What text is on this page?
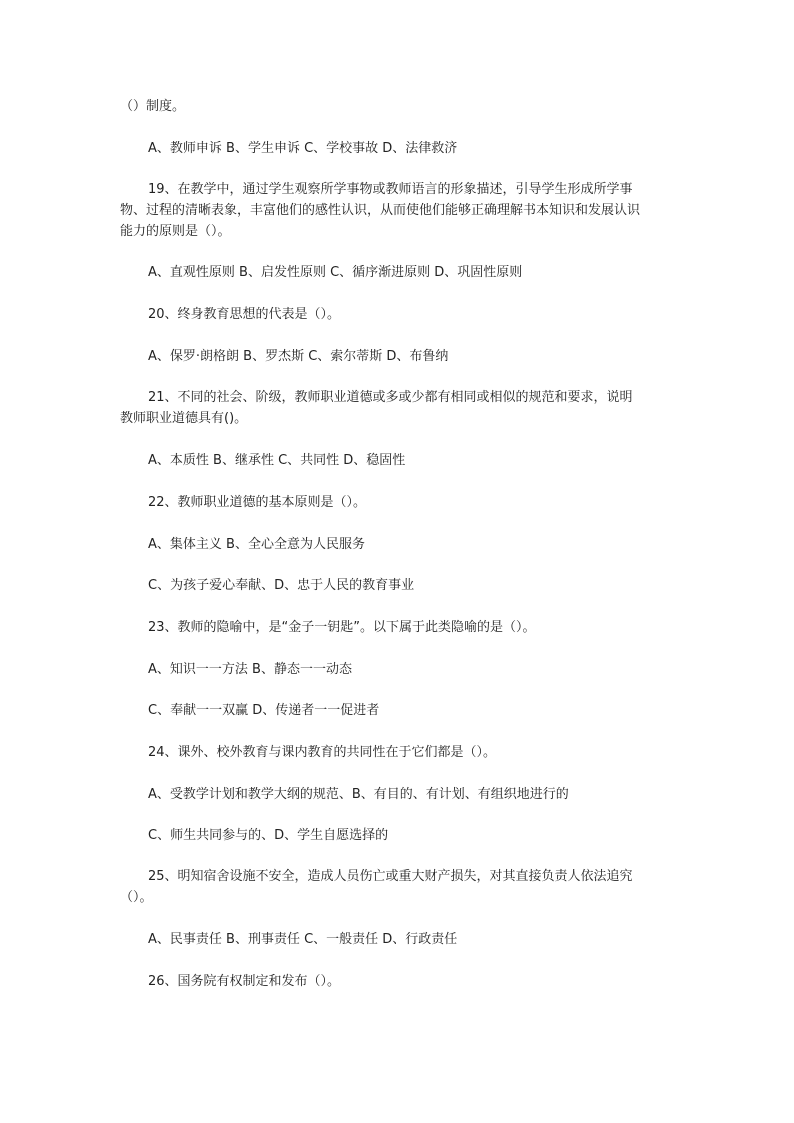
（）制度。

A、教师申诉 B、学生申诉 C、学校事故 D、法律救济

19、在教学中，通过学生观察所学事物或教师语言的形象描述，引导学生形成所学事物、过程的清晰表象，丰富他们的感性认识，从而使他们能够正确理解书本知识和发展认识能力的原则是（）。

A、直观性原则 B、启发性原则 C、循序渐进原则 D、巩固性原则

20、终身教育思想的代表是（）。

A、保罗·朗格朗 B、罗杰斯 C、索尔蒂斯 D、布鲁纳

21、不同的社会、阶级，教师职业道德或多或少都有相同或相似的规范和要求，说明教师职业道德具有()。

A、本质性 B、继承性 C、共同性 D、稳固性

22、教师职业道德的基本原则是（）。

A、集体主义 B、全心全意为人民服务

C、为孩子爱心奉献、D、忠于人民的教育事业

23、教师的隐喻中，是“金子一钥匙”。以下属于此类隐喻的是（）。

A、知识一一方法 B、静态一一动态

C、奉献一一双赢 D、传递者一一促进者

24、课外、校外教育与课内教育的共同性在于它们都是（）。

A、受教学计划和教学大纲的规范、B、有目的、有计划、有组织地进行的

C、师生共同参与的、D、学生自愿选择的

25、明知宿舍设施不安全，造成人员伤亡或重大财产损失，对其直接负责人依法追究（）。

A、民事责任 B、刑事责任 C、一般责任 D、行政责任

26、国务院有权制定和发布（）。
